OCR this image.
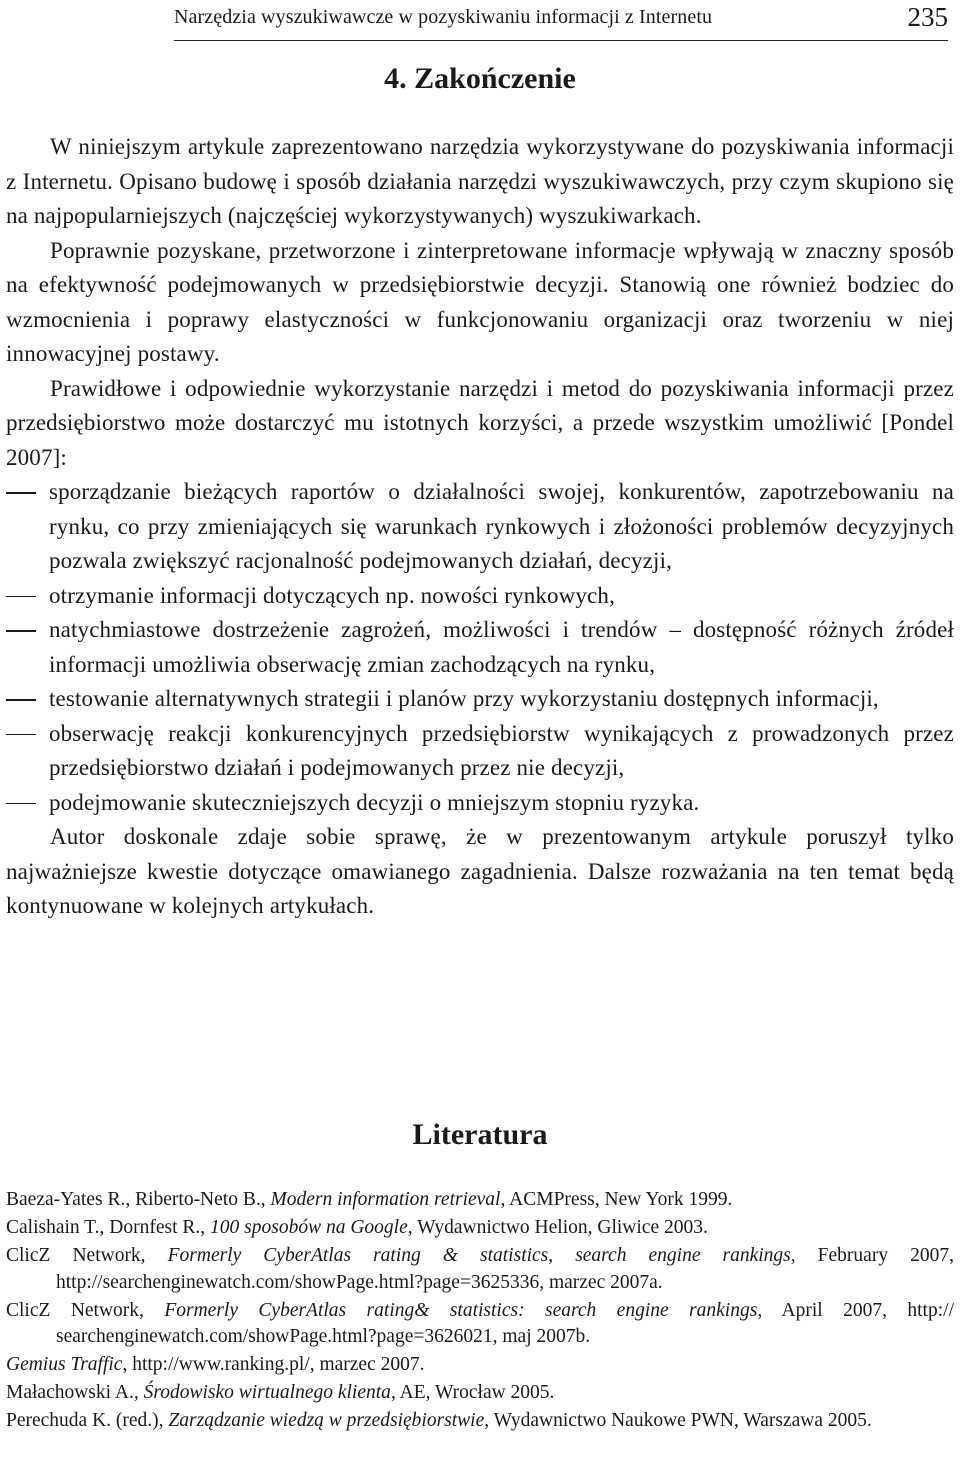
Narzędzia wyszukiwawcze w pozyskiwaniu informacji z Internetu	235
4. Zakończenie

W niniejszym artykule zaprezentowano narzędzia wykorzystywane do pozyskiwania informacji z Internetu. Opisano budowę i sposób działania narzędzi wyszukiwawczych, przy czym skupiono się na najpopularniejszych (najczęściej wykorzystywanych) wyszukiwarkach.

Poprawnie pozyskane, przetworzone i zinterpretowane informacje wpływają w znaczny sposób na efektywność podejmowanych w przedsiębiorstwie decyzji. Stanowią one również bodziec do wzmocnienia i poprawy elastyczności w funkcjonowaniu organizacji oraz tworzeniu w niej innowacyjnej postawy.

Prawidłowe i odpowiednie wykorzystanie narzędzi i metod do pozyskiwania informacji przez przedsiębiorstwo może dostarczyć mu istotnych korzyści, a przede wszystkim umożliwić [Pondel 2007]:

sporządzanie bieżących raportów o działalności swojej, konkurentów, zapotrzebowaniu na rynku, co przy zmieniających się warunkach rynkowych i złożoności problemów decyzyjnych pozwala zwiększyć racjonalność podejmowanych działań, decyzji,
otrzymanie informacji dotyczących np. nowości rynkowych,
natychmiastowe dostrzeżenie zagrożeń, możliwości i trendów – dostępność różnych źródeł informacji umożliwia obserwację zmian zachodzących na rynku,
testowanie alternatywnych strategii i planów przy wykorzystaniu dostępnych informacji,
obserwację reakcji konkurencyjnych przedsiębiorstw wynikających z prowadzonych przez przedsiębiorstwo działań i podejmowanych przez nie decyzji,
podejmowanie skuteczniejszych decyzji o mniejszym stopniu ryzyka.

Autor doskonale zdaje sobie sprawę, że w prezentowanym artykule poruszył tylko najważniejsze kwestie dotyczące omawianego zagadnienia. Dalsze rozważania na ten temat będą kontynuowane w kolejnych artykułach.

Literatura
Baeza-Yates R., Riberto-Neto B., Modern information retrieval, ACMPress, New York 1999.
Calishain T., Dornfest R., 100 sposobów na Google, Wydawnictwo Helion, Gliwice 2003.
ClicZ Network, Formerly CyberAtlas rating & statistics, search engine rankings, February 2007, http://searchenginewatch.com/showPage.html?page=3625336, marzec 2007a.
ClicZ Network, Formerly CyberAtlas rating& statistics: search engine rankings, April 2007, http:// searchenginewatch.com/showPage.html?page=3626021, maj 2007b.
Gemius Traffic, http://www.ranking.pl/, marzec 2007.
Małachowski A., Środowisko wirtualnego klienta, AE, Wrocław 2005.
Perechuda K. (red.), Zarządzanie wiedzą w przedsiębiorstwie, Wydawnictwo Naukowe PWN, Warszawa 2005.
